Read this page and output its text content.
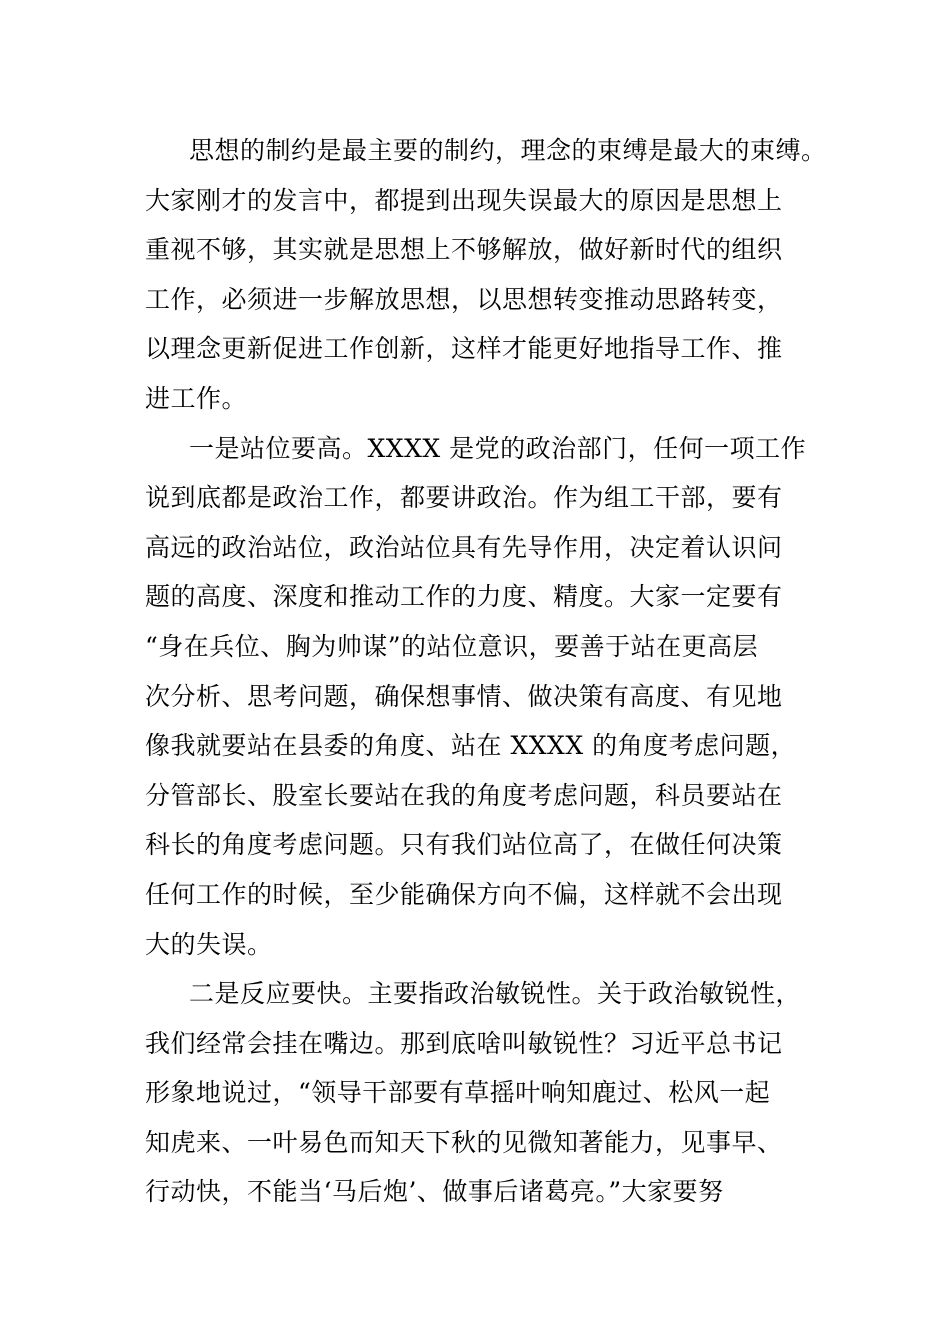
思想的制约是最主要的制约，理念的束缚是最大的束缚。
大家刚才的发言中，都提到出现失误最大的原因是思想上
重视不够，其实就是思想上不够解放，做好新时代的组织
工作，必须进一步解放思想，以思想转变推动思路转变，
以理念更新促进工作创新，这样才能更好地指导工作、推
进工作。
一是站位要高。XXXX 是党的政治部门，任何一项工作
说到底都是政治工作，都要讲政治。作为组工干部，要有
高远的政治站位，政治站位具有先导作用，决定着认识问
题的高度、深度和推动工作的力度、精度。大家一定要有
“身在兵位、胸为帅谋”的站位意识，要善于站在更高层
次分析、思考问题，确保想事情、做决策有高度、有见地
像我就要站在县委的角度、站在 XXXX 的角度考虑问题，
分管部长、股室长要站在我的角度考虑问题，科员要站在
科长的角度考虑问题。只有我们站位高了，在做任何决策
任何工作的时候，至少能确保方向不偏，这样就不会出现
大的失误。
二是反应要快。主要指政治敏锐性。关于政治敏锐性，
我们经常会挂在嘴边。那到底啥叫敏锐性？习近平总书记
形象地说过，“领导干部要有草摇叶响知鹿过、松风一起
知虎来、一叶易色而知天下秋的见微知著能力，见事早、
行动快，不能当‘马后炮’、做事后诸葛亮。”大家要努
